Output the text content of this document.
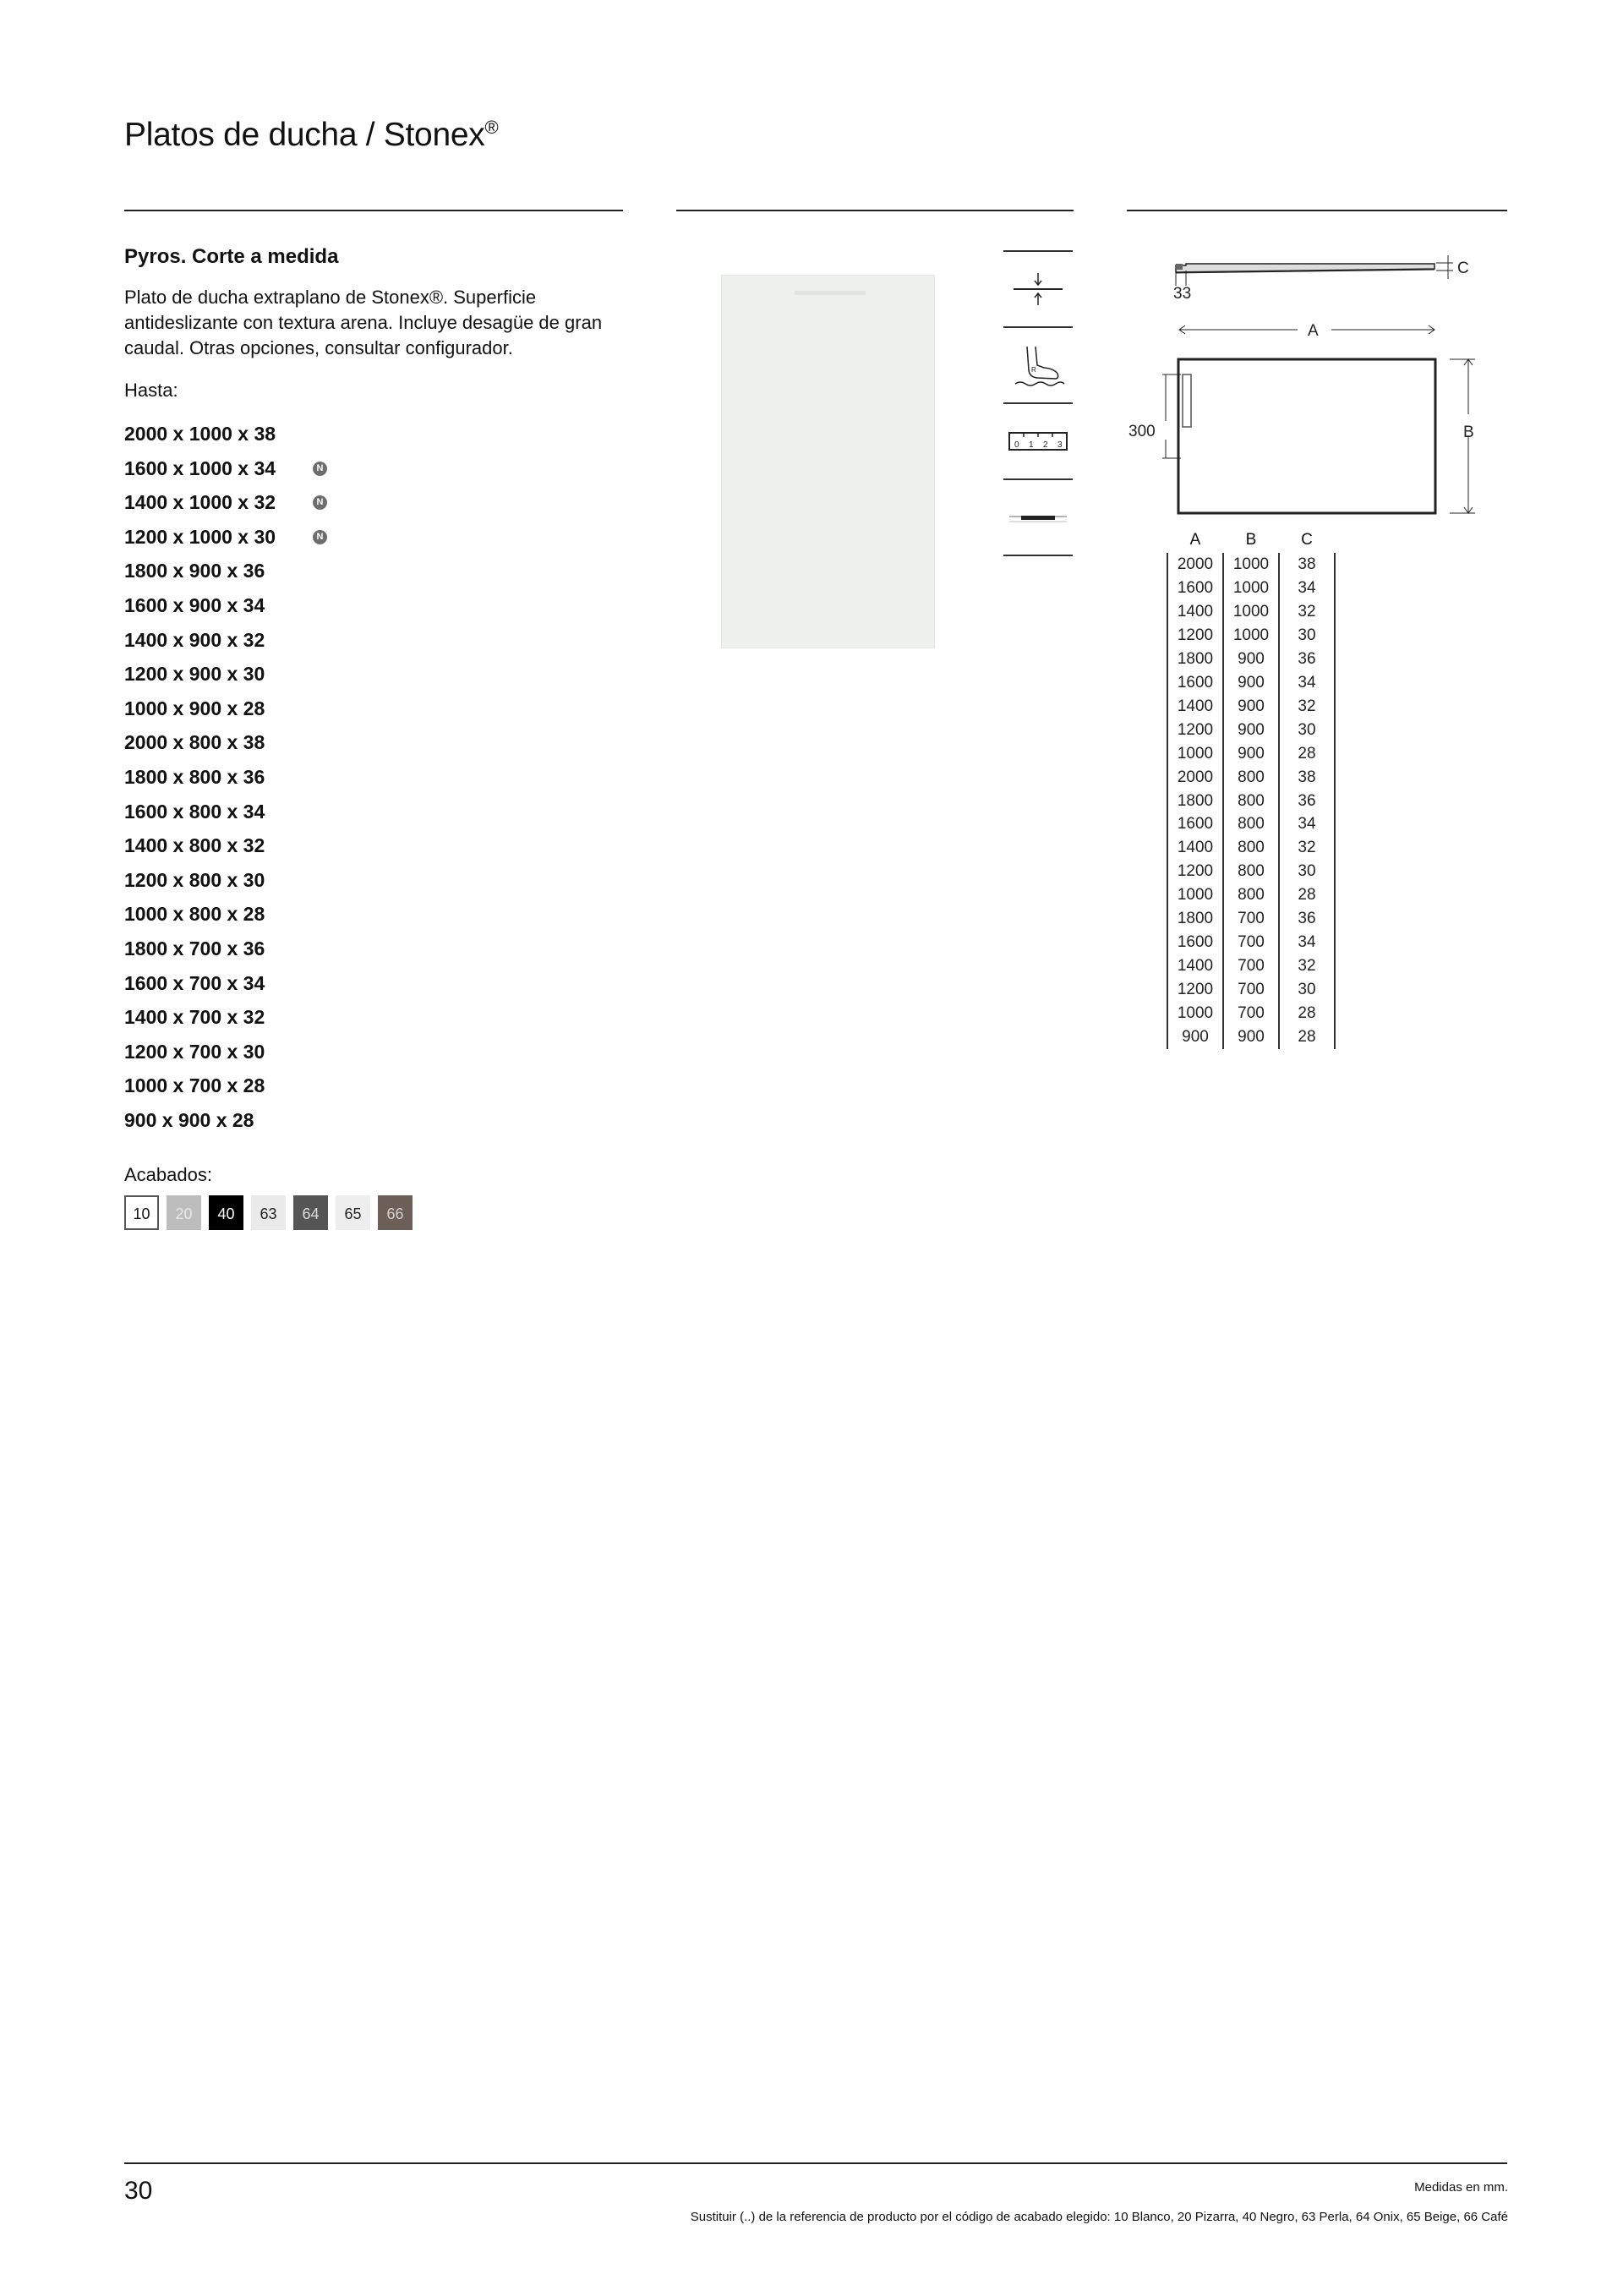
Platos de ducha / Stonex®
Pyros. Corte a medida
Plato de ducha extraplano de Stonex®. Superficie antideslizante con textura arena. Incluye desagüe de gran caudal. Otras opciones, consultar configurador.
Hasta:
2000 x 1000 x 38
1600 x 1000 x 34	N
1400 x 1000 x 32	N
1200 x 1000 x 30	N
1800 x 900 x 36
1600 x 900 x 34
1400 x 900 x 32
1200 x 900 x 30
1000 x 900 x 28
2000 x 800 x 38
1800 x 800 x 36
1600 x 800 x 34
1400 x 800 x 32
1200 x 800 x 30
1000 x 800 x 28
1800 x 700 x 36
1600 x 700 x 34
1400 x 700 x 32
1200 x 700 x 30
1000 x 700 x 28
900 x 900 x 28
Acabados:
10	20	40	63	64	65	66
R
0 1 2 3
33
C
A
B
300
A	B	C
2000	1000	38
1600	1000	34
1400	1000	32
1200	1000	30
1800	900	36
1600	900	34
1400	900	32
1200	900	30
1000	900	28
2000	800	38
1800	800	36
1600	800	34
1400	800	32
1200	800	30
1000	800	28
1800	700	36
1600	700	34
1400	700	32
1200	700	30
1000	700	28
900	900	28
30	Medidas en mm.
Sustituir (..) de la referencia de producto por el código de acabado elegido: 10 Blanco, 20 Pizarra, 40 Negro, 63 Perla, 64 Onix, 65 Beige, 66 Café
